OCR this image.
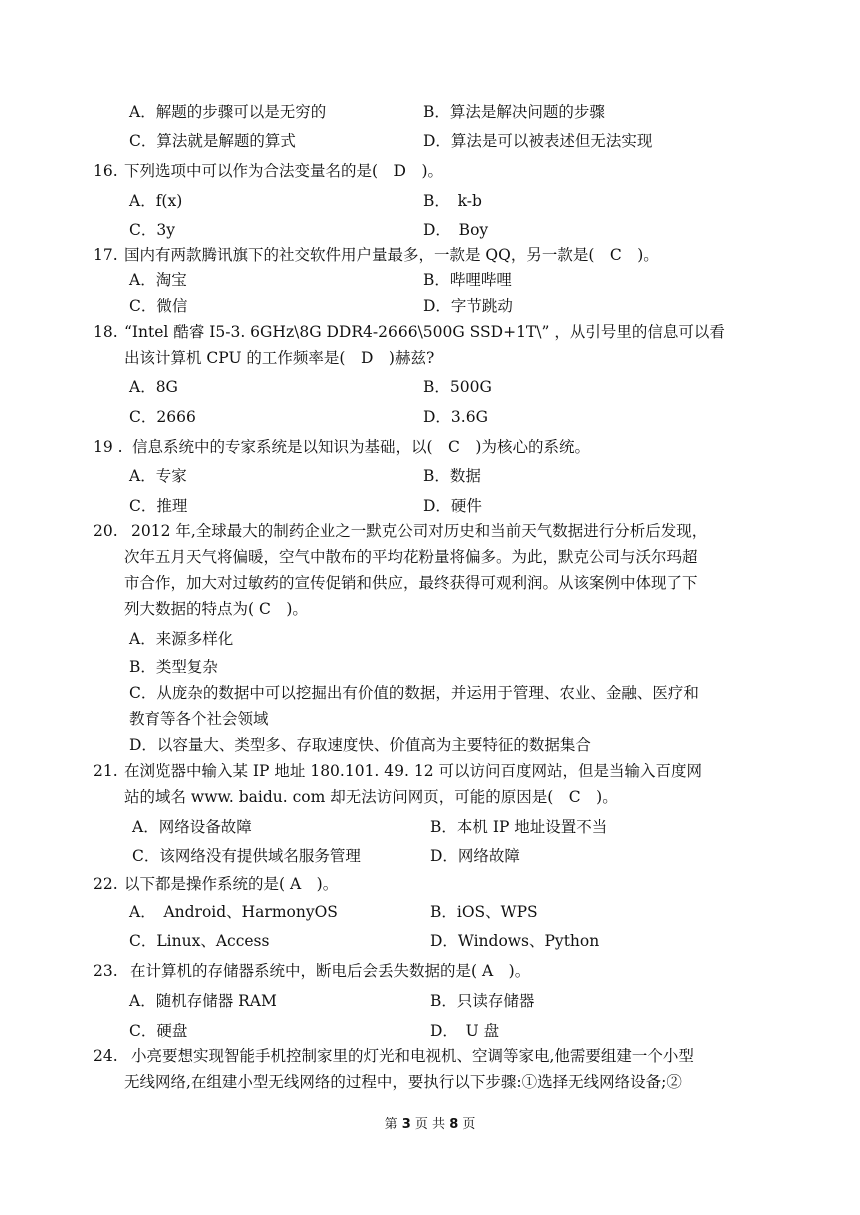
A．解题的步骤可以是无穷的	B．算法是解决问题的步骤
C．算法就是解题的算式	D．算法是可以被表述但无法实现
16. 下列选项中可以作为合法变量名的是(　D　)。
A．f(x)	B．　k-b
C．3y	D．　Boy
17. 国内有两款腾讯旗下的社交软件用户量最多，一款是 QQ，另一款是(　C　)。
A．淘宝	B．哔哩哔哩
C．微信	D．字节跳动
18. “Intel 酷睿 I5-3. 6GHz\8G DDR4-2666\500G SSD+1T\” ，从引号里的信息可以看
出该计算机 CPU 的工作频率是(　D　)赫兹?
A．8G	B．500G
C．2666	D．3.6G
19 . 信息系统中的专家系统是以知识为基础，以(　C　)为核心的系统。
A．专家	B．数据
C．推理	D．硬件
20. 2012 年,全球最大的制药企业之一默克公司对历史和当前天气数据进行分析后发现，
次年五月天气将偏暖，空气中散布的平均花粉量将偏多。为此，默克公司与沃尔玛超
市合作，加大对过敏药的宣传促销和供应，最终获得可观利润。从该案例中体现了下
列大数据的特点为( C　)。
A．来源多样化
B．类型复杂
C．从庞杂的数据中可以挖掘出有价值的数据，并运用于管理、农业、金融、医疗和
教育等各个社会领域
D．以容量大、类型多、存取速度快、价值高为主要特征的数据集合
21. 在浏览器中输入某 IP 地址 180.101. 49. 12 可以访问百度网站，但是当输入百度网
站的域名 www. baidu. com 却无法访问网页，可能的原因是(　C　)。
A．网络设备故障	B．本机 IP 地址设置不当
C．该网络没有提供域名服务管理	D．网络故障
22. 以下都是操作系统的是( A　)。
A．　Android、HarmonyOS	B．iOS、WPS
C．Linux、Access	D．Windows、Python
23. 在计算机的存储器系统中，断电后会丢失数据的是( A　)。
A．随机存储器 RAM	B．只读存储器
C．硬盘	D．　U 盘
24. 小亮要想实现智能手机控制家里的灯光和电视机、空调等家电,他需要组建一个小型
无线网络,在组建小型无线网络的过程中，要执行以下步骤:①选择无线网络设备;②
第 3 页 共 8 页
